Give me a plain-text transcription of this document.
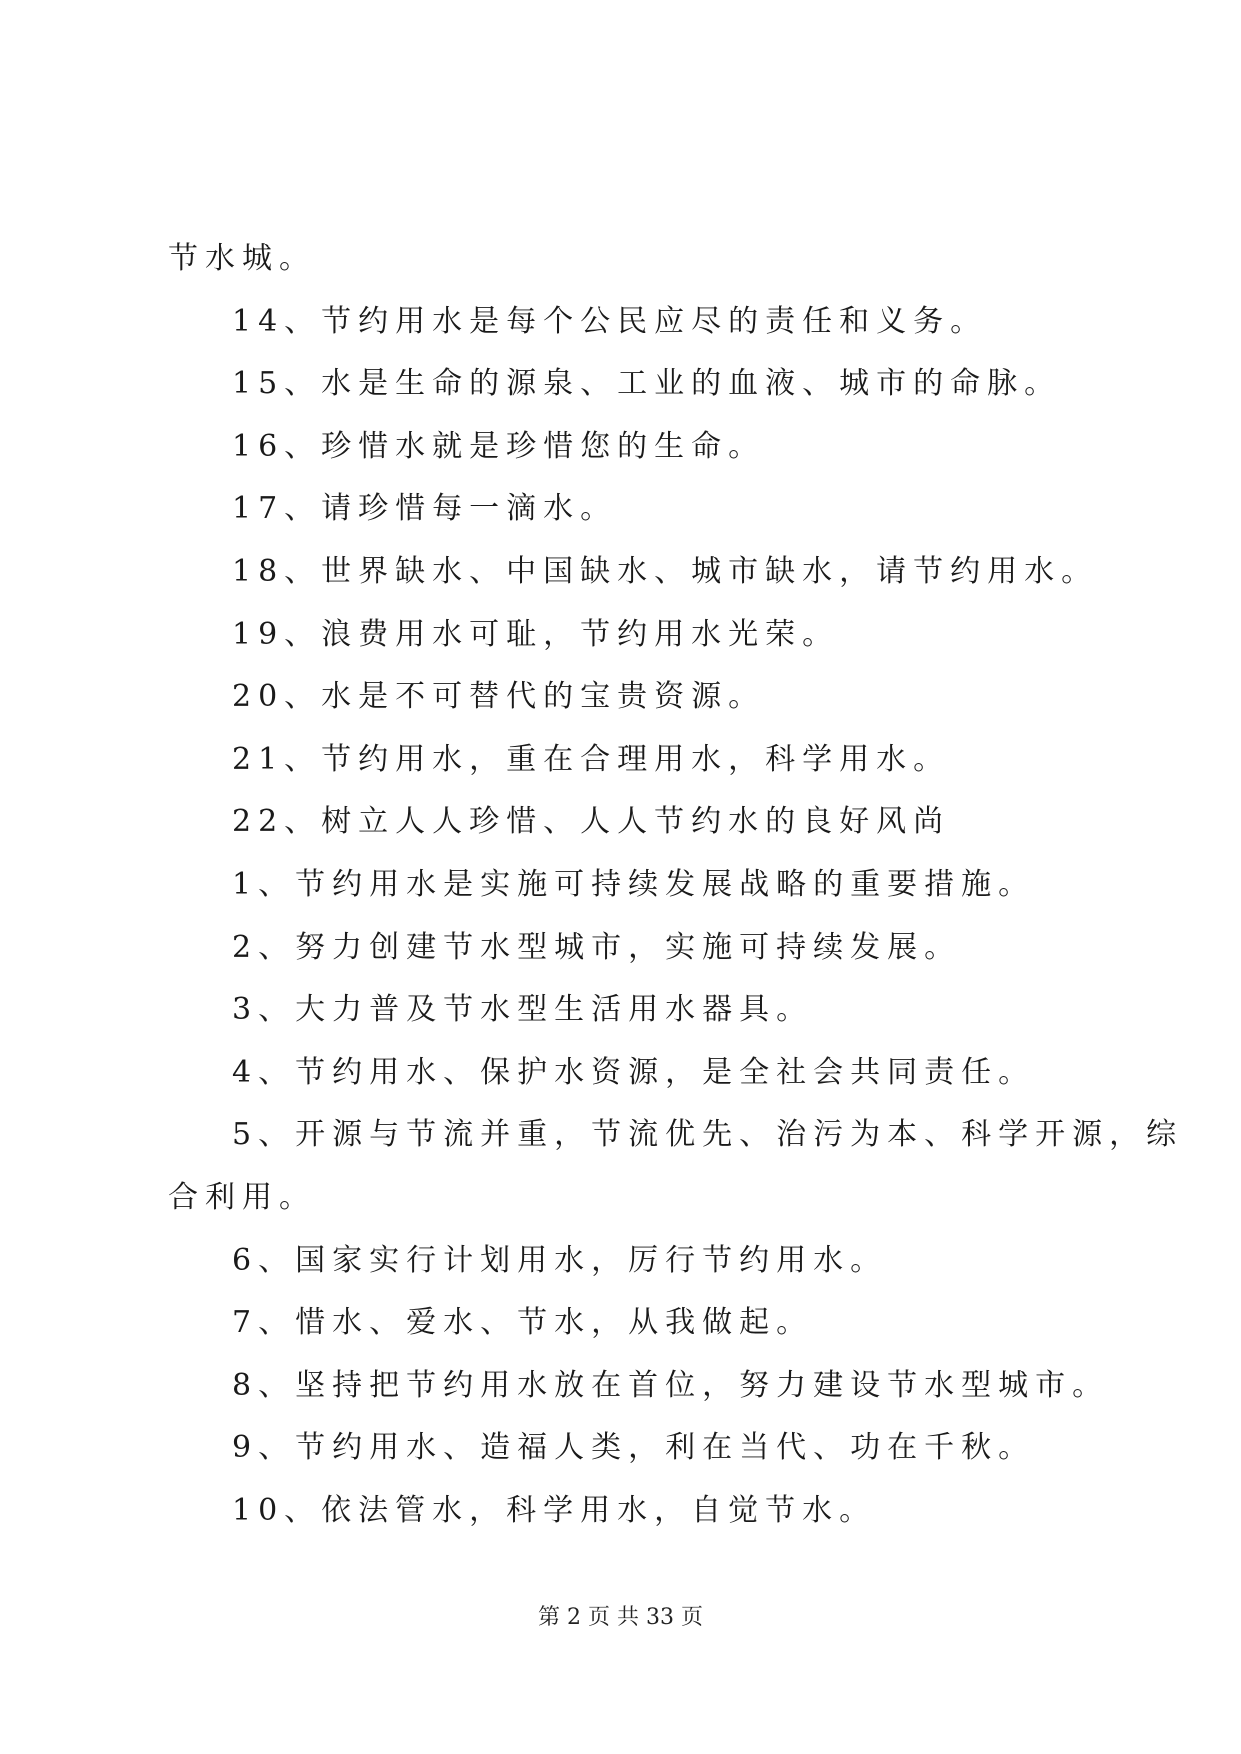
节水城。

14、节约用水是每个公民应尽的责任和义务。

15、水是生命的源泉、工业的血液、城市的命脉。

16、珍惜水就是珍惜您的生命。

17、请珍惜每一滴水。

18、世界缺水、中国缺水、城市缺水，请节约用水。

19、浪费用水可耻，节约用水光荣。

20、水是不可替代的宝贵资源。

21、节约用水，重在合理用水，科学用水。

22、树立人人珍惜、人人节约水的良好风尚

1、节约用水是实施可持续发展战略的重要措施。

2、努力创建节水型城市，实施可持续发展。

3、大力普及节水型生活用水器具。

4、节约用水、保护水资源，是全社会共同责任。

5、开源与节流并重，节流优先、治污为本、科学开源，综

合利用。

6、国家实行计划用水，厉行节约用水。

7、惜水、爱水、节水，从我做起。

8、坚持把节约用水放在首位，努力建设节水型城市。

9、节约用水、造福人类，利在当代、功在千秋。

10、依法管水，科学用水，自觉节水。

第 2 页 共 33 页
